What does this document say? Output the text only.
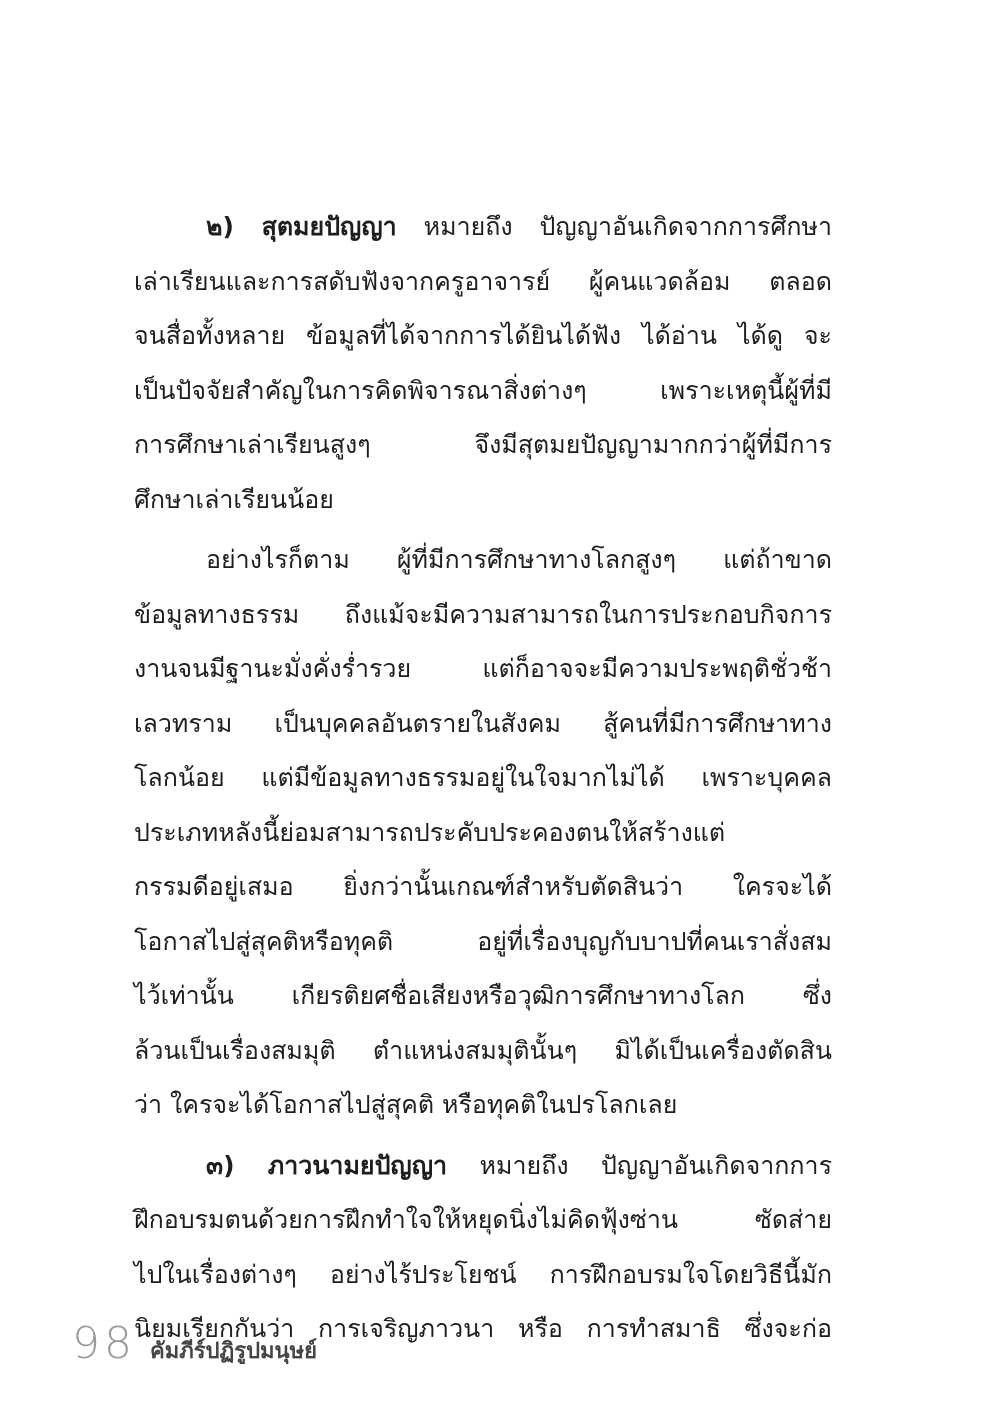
๒) สุตมยปัญญา หมายถึง ปัญญาอันเกิดจากการศึกษา
เล่าเรียนและการสดับฟังจากครูอาจารย์ ผู้คนแวดล้อม ตลอด
จนสื่อทั้งหลาย ข้อมูลที่ได้จากการได้ยินได้ฟัง ได้อ่าน ได้ดู จะ
เป็นปัจจัยสำคัญในการคิดพิจารณาสิ่งต่างๆ เพราะเหตุนี้ผู้ที่มี
การศึกษาเล่าเรียนสูงๆ จึงมีสุตมยปัญญามากกว่าผู้ที่มีการ
ศึกษาเล่าเรียนน้อย
อย่างไรก็ตาม ผู้ที่มีการศึกษาทางโลกสูงๆ แต่ถ้าขาด
ข้อมูลทางธรรม ถึงแม้จะมีความสามารถในการประกอบกิจการ
งานจนมีฐานะมั่งคั่งร่ำรวย แต่ก็อาจจะมีความประพฤติชั่วช้า
เลวทราม เป็นบุคคลอันตรายในสังคม สู้คนที่มีการศึกษาทาง
โลกน้อย แต่มีข้อมูลทางธรรมอยู่ในใจมากไม่ได้ เพราะบุคคล
ประเภทหลังนี้ย่อมสามารถประคับประคองตนให้สร้างแต่
กรรมดีอยู่เสมอ ยิ่งกว่านั้นเกณฑ์สำหรับตัดสินว่า ใครจะได้
โอกาสไปสู่สุคติหรือทุคติ อยู่ที่เรื่องบุญกับบาปที่คนเราสั่งสม
ไว้เท่านั้น เกียรติยศชื่อเสียงหรือวุฒิการศึกษาทางโลก ซึ่ง
ล้วนเป็นเรื่องสมมุติ ตำแหน่งสมมุตินั้นๆ มิได้เป็นเครื่องตัดสิน
ว่า ใครจะได้โอกาสไปสู่สุคติ หรือทุคติในปรโลกเลย
๓) ภาวนามยปัญญา หมายถึง ปัญญาอันเกิดจากการ
ฝึกอบรมตนด้วยการฝึกทำใจให้หยุดนิ่งไม่คิดฟุ้งซ่าน ซัดส่าย
ไปในเรื่องต่างๆ อย่างไร้ประโยชน์ การฝึกอบรมใจโดยวิธีนี้มัก
นิยมเรียกกันว่า การเจริญภาวนา หรือ การทำสมาธิ ซึ่งจะก่อ
98 คัมภีร์ปฏิรูปมนุษย์
